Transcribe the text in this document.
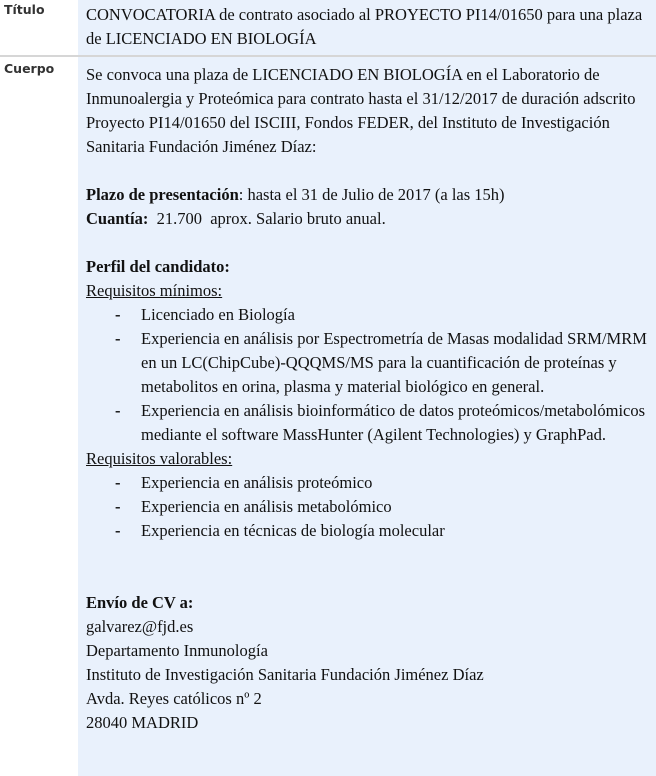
Título	CONVOCATORIA de contrato asociado al PROYECTO PI14/01650 para una plaza de LICENCIADO EN BIOLOGÍA
Cuerpo	Se convoca una plaza de LICENCIADO EN BIOLOGÍA en el Laboratorio de Inmunoalergia y Proteómica para contrato hasta el 31/12/2017 de duración adscrito Proyecto PI14/01650 del ISCIII, Fondos FEDER, del Instituto de Investigación Sanitaria Fundación Jiménez Díaz:
Plazo de presentación: hasta el 31 de Julio de 2017 (a las 15h)
Cuantía:  21.700  aprox. Salario bruto anual.
Perfil del candidato:
Requisitos mínimos:
- Licenciado en Biología
- Experiencia en análisis por Espectrometría de Masas modalidad SRM/MRM en un LC(ChipCube)-QQQMS/MS para la cuantificación de proteínas y metabolitos en orina, plasma y material biológico en general.
- Experiencia en análisis bioinformático de datos proteómicos/metabolómicos mediante el software MassHunter (Agilent Technologies) y GraphPad.
Requisitos valorables:
- Experiencia en análisis proteómico
- Experiencia en análisis metabolómico
- Experiencia en técnicas de biología molecular
Envío de CV a:
galvarez@fjd.es
Departamento Inmunología
Instituto de Investigación Sanitaria Fundación Jiménez Díaz
Avda. Reyes católicos nº 2
28040 MADRID
